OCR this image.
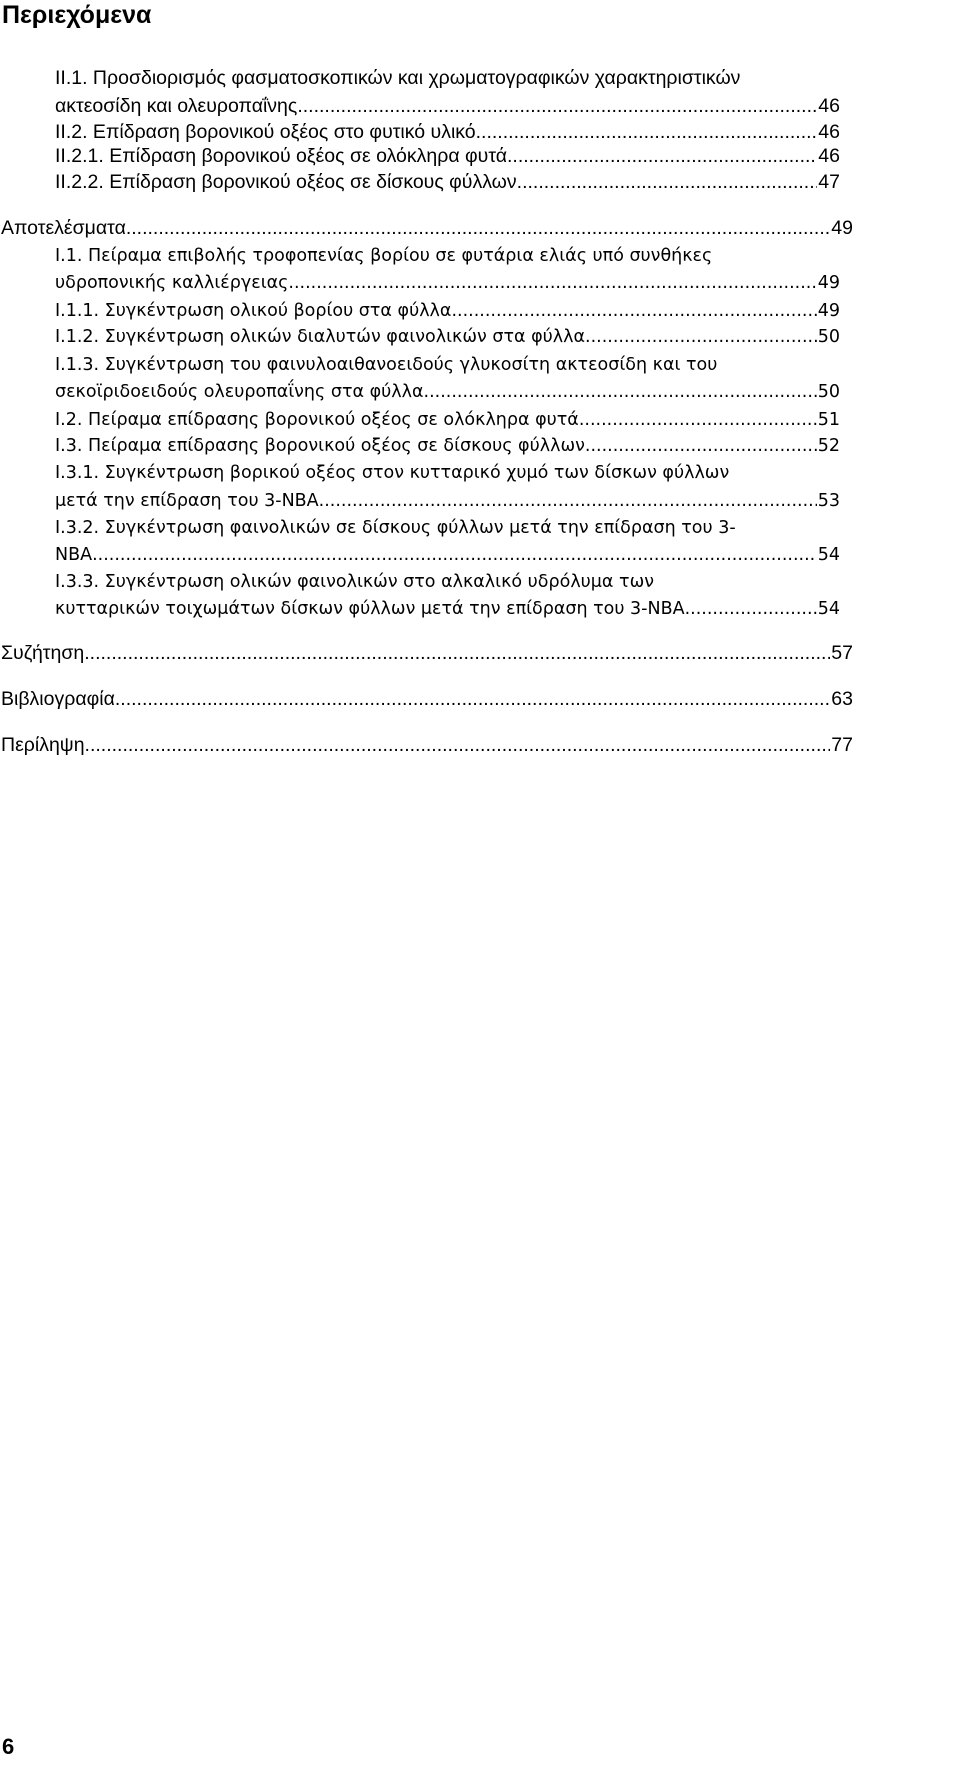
Περιεχόμενα
II.1. Προσδιορισμός φασματοσκοπικών και χρωματογραφικών χαρακτηριστικών
ακτεοσίδη και ολευροπαΐνης .....	46
II.2. Επίδραση βορονικού οξέος στο φυτικό υλικό .....	46
II.2.1. Επίδραση βορονικού οξέος σε ολόκληρα φυτά .....	46
II.2.2. Επίδραση βορονικού οξέος σε δίσκους φύλλων .....	47
Αποτελέσματα .....	49
I.1. Πείραμα επιβολής τροφοπενίας βορίου σε φυτάρια ελιάς υπό συνθήκες
υδροπονικής καλλιέργειας .....	49
I.1.1. Συγκέντρωση ολικού βορίου στα φύλλα .....	49
I.1.2. Συγκέντρωση ολικών διαλυτών φαινολικών στα φύλλα .....	50
I.1.3. Συγκέντρωση του φαινυλοαιθανοειδούς γλυκοσίτη ακτεοσίδη και του
σεκοϊριδοειδούς ολευροπαΐνης στα φύλλα .....	50
I.2. Πείραμα επίδρασης βορονικού οξέος σε ολόκληρα φυτά .....	51
I.3. Πείραμα επίδρασης βορονικού οξέος σε δίσκους φύλλων .....	52
I.3.1. Συγκέντρωση βορικού οξέος στον κυτταρικό χυμό των δίσκων φύλλων
μετά την επίδραση του 3-NBA .....	53
I.3.2. Συγκέντρωση φαινολικών σε δίσκους φύλλων μετά την επίδραση του 3-
NBA .....	54
I.3.3. Συγκέντρωση ολικών φαινολικών στο αλκαλικό υδρόλυμα των
κυτταρικών τοιχωμάτων δίσκων φύλλων μετά την επίδραση του 3-NBA .....	54
Συζήτηση .....	57
Βιβλιογραφία .....	63
Περίληψη .....	77
6
